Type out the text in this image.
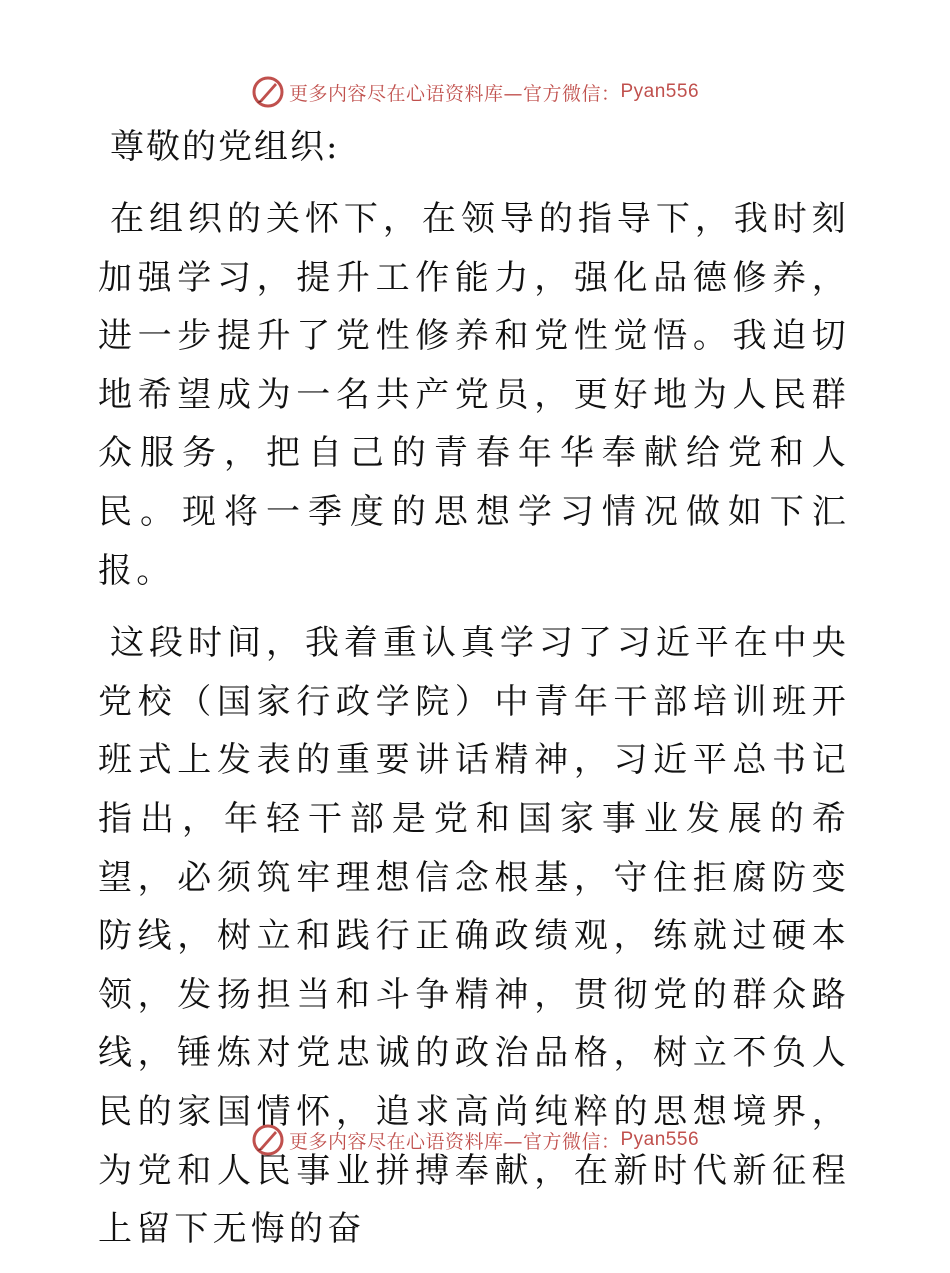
更多内容尽在心语资料库—官方微信： Pyan556
尊敬的党组织:

在组织的关怀下，在领导的指导下，我时刻加强学习，提升工作能力，强化品德修养，进一步提升了党性修养和党性觉悟。我迫切地希望成为一名共产党员，更好地为人民群众服务，把自己的青春年华奉献给党和人民。现将一季度的思想学习情况做如下汇报。

这段时间，我着重认真学习了习近平在中央党校（国家行政学院）中青年干部培训班开班式上发表的重要讲话精神，习近平总书记指出，年轻干部是党和国家事业发展的希望，必须筑牢理想信念根基，守住拒腐防变防线，树立和践行正确政绩观，练就过硬本领，发扬担当和斗争精神，贯彻党的群众路线，锤炼对党忠诚的政治品格，树立不负人民的家国情怀，追求高尚纯粹的思想境界，为党和人民事业拼搏奉献，在新时代新征程上留下无悔的奋

更多内容尽在心语资料库—官方微信： Pyan556
